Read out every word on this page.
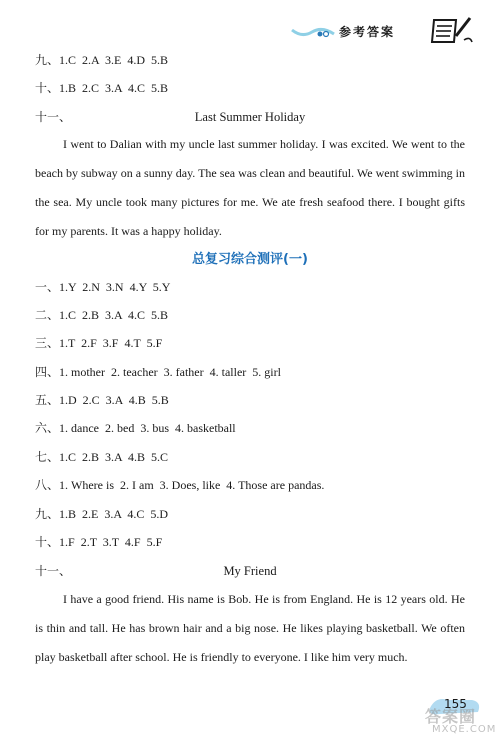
参考答案
九、1.C  2.A  3.E  4.D  5.B
十、1.B  2.C  3.A  4.C  5.B
十一、	Last Summer Holiday
I went to Dalian with my uncle last summer holiday. I was excited. We went to the beach by subway on a sunny day. The sea was clean and beautiful. We went swimming in the sea. My uncle took many pictures for me. We ate fresh seafood there. I bought gifts for my parents. It was a happy holiday.
总复习综合测评(一)
一、1.Y  2.N  3.N  4.Y  5.Y
二、1.C  2.B  3.A  4.C  5.B
三、1.T  2.F  3.F  4.T  5.F
四、1. mother  2. teacher  3. father  4. taller  5. girl
五、1.D  2.C  3.A  4.B  5.B
六、1. dance  2. bed  3. bus  4. basketball
七、1.C  2.B  3.A  4.B  5.C
八、1. Where is  2. I am  3. Does, like  4. Those are pandas.
九、1.B  2.E  3.A  4.C  5.D
十、1.F  2.T  3.T  4.F  5.F
十一、	My Friend
I have a good friend. His name is Bob. He is from England. He is 12 years old. He is thin and tall. He has brown hair and a big nose. He likes playing basketball. We often play basketball after school. He is friendly to everyone. I like him very much.
155
答案圈
MXQE.COM
